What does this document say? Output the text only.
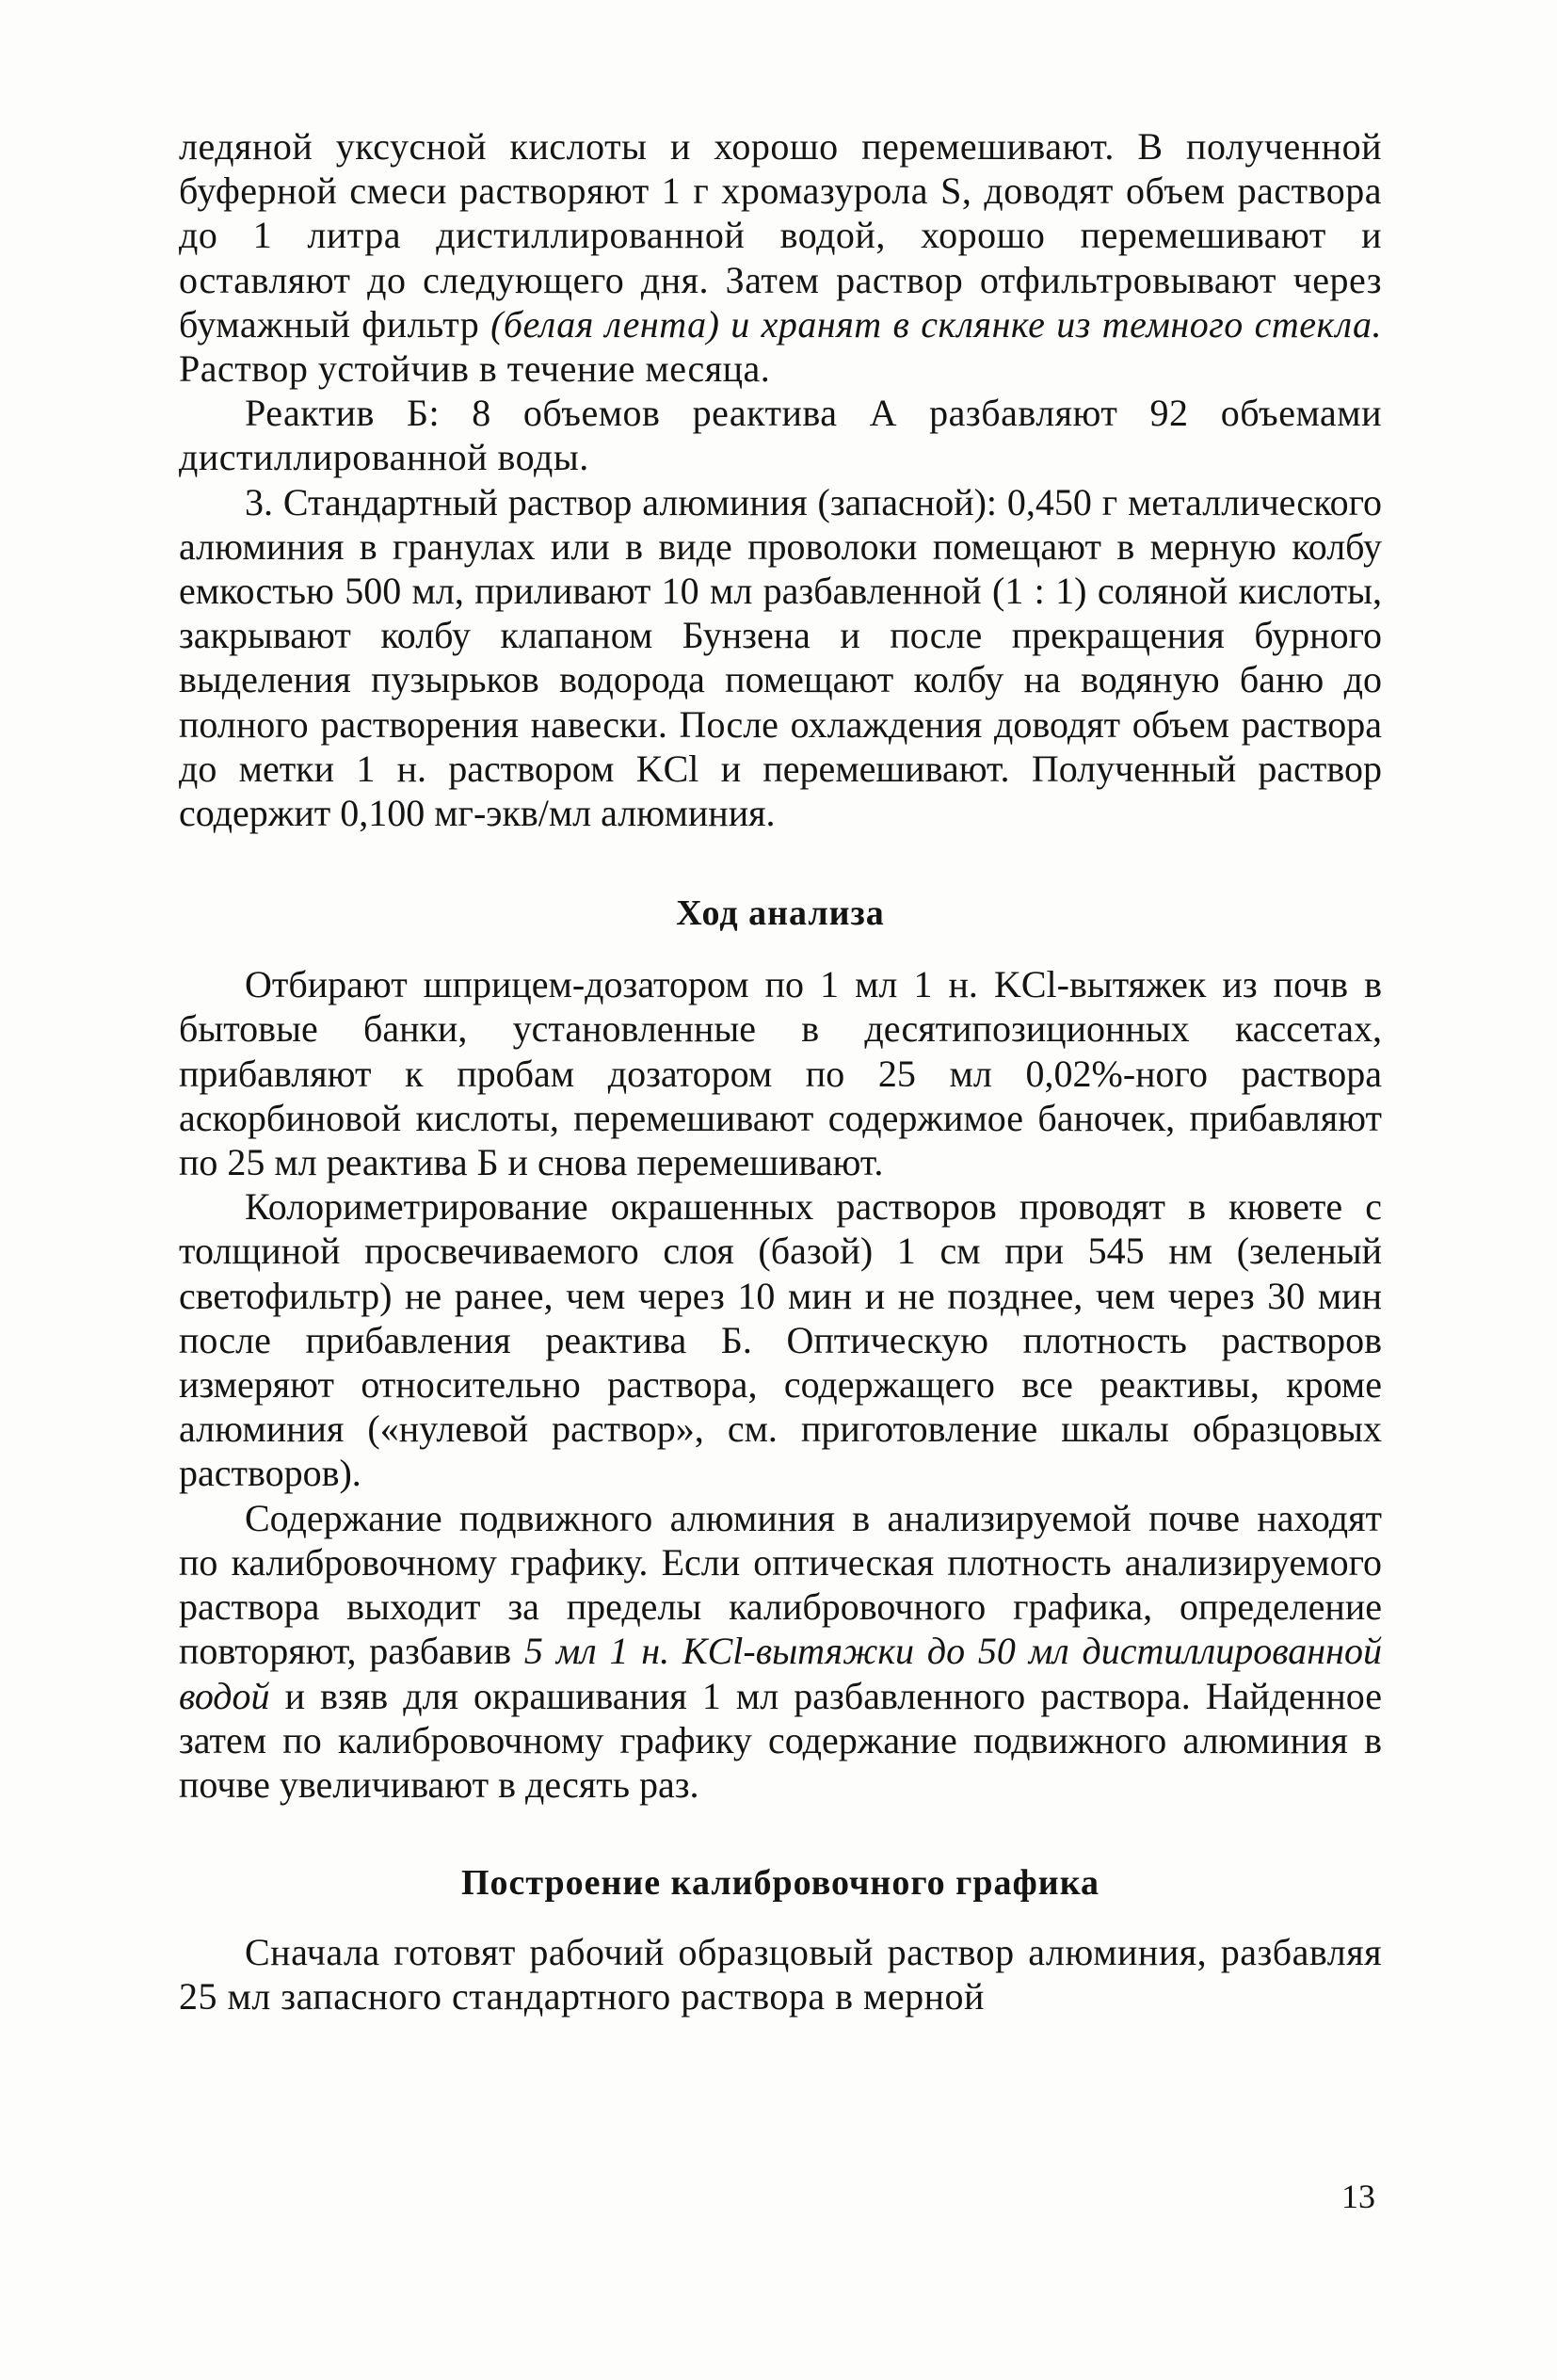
ледяной уксусной кислоты и хорошо перемешивают. В полученной буферной смеси растворяют 1 г хромазурола S, доводят объем раствора до 1 литра дистиллированной водой, хорошо перемешивают и оставляют до следующего дня. Затем раствор отфильтровывают через бумажный фильтр (белая лента) и хранят в склянке из темного стекла. Раствор устойчив в течение месяца.

Реактив Б: 8 объемов реактива А разбавляют 92 объемами дистиллированной воды.

3. Стандартный раствор алюминия (запасной): 0,450 г металлического алюминия в гранулах или в виде проволоки помещают в мерную колбу емкостью 500 мл, приливают 10 мл разбавленной (1 : 1) соляной кислоты, закрывают колбу клапаном Бунзена и после прекращения бурного выделения пузырьков водорода помещают колбу на водяную баню до полного растворения навески. После охлаждения доводят объем раствора до метки 1 н. раствором KCl и перемешивают. Полученный раствор содержит 0,100 мг-экв/мл алюминия.

Ход анализа

Отбирают шприцем-дозатором по 1 мл 1 н. KCl-вытяжек из почв в бытовые банки, установленные в десятипозиционных кассетах, прибавляют к пробам дозатором по 25 мл 0,02%-ного раствора аскорбиновой кислоты, перемешивают содержимое баночек, прибавляют по 25 мл реактива Б и снова перемешивают.

Колориметрирование окрашенных растворов проводят в кювете с толщиной просвечиваемого слоя (базой) 1 см при 545 нм (зеленый светофильтр) не ранее, чем через 10 мин и не позднее, чем через 30 мин после прибавления реактива Б. Оптическую плотность растворов измеряют относительно раствора, содержащего все реактивы, кроме алюминия («нулевой раствор», см. приготовление шкалы образцовых растворов).

Содержание подвижного алюминия в анализируемой почве находят по калибровочному графику. Если оптическая плотность анализируемого раствора выходит за пределы калибровочного графика, определение повторяют, разбавив 5 мл 1 н. KCl-вытяжки до 50 мл дистиллированной водой и взяв для окрашивания 1 мл разбавленного раствора. Найденное затем по калибровочному графику содержание подвижного алюминия в почве увеличивают в десять раз.

Построение калибровочного графика

Сначала готовят рабочий образцовый раствор алюминия, разбавляя 25 мл запасного стандартного раствора в мерной

13
